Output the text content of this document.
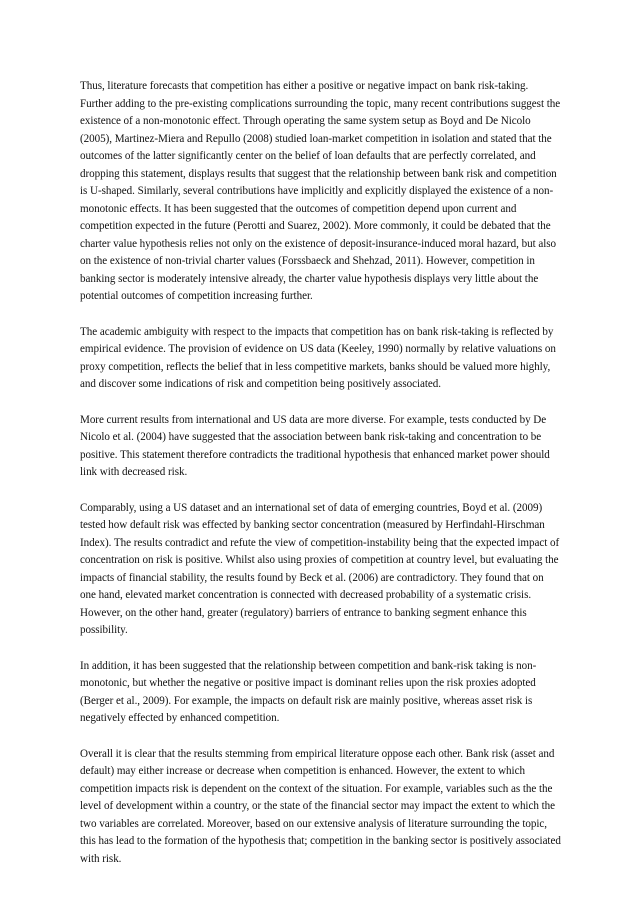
Thus, literature forecasts that competition has either a positive or negative impact on bank risk-taking. Further adding to the pre-existing complications surrounding the topic, many recent contributions suggest the existence of a non-monotonic effect. Through operating the same system setup as Boyd and De Nicolo (2005), Martinez-Miera and Repullo (2008) studied loan-market competition in isolation and stated that the outcomes of the latter significantly center on the belief of loan defaults that are perfectly correlated, and dropping this statement, displays results that suggest that the relationship between bank risk and competition is U-shaped. Similarly, several contributions have implicitly and explicitly displayed the existence of a non-monotonic effects. It has been suggested that the outcomes of competition depend upon current and competition expected in the future (Perotti and Suarez, 2002). More commonly, it could be debated that the charter value hypothesis relies not only on the existence of deposit-insurance-induced moral hazard, but also on the existence of non-trivial charter values (Forssbaeck and Shehzad, 2011). However, competition in banking sector is moderately intensive already, the charter value hypothesis displays very little about the potential outcomes of competition increasing further.

The academic ambiguity with respect to the impacts that competition has on bank risk-taking is reflected by empirical evidence. The provision of evidence on US data (Keeley, 1990) normally by relative valuations on proxy competition, reflects the belief that in less competitive markets, banks should be valued more highly, and discover some indications of risk and competition being positively associated.

More current results from international and US data are more diverse. For example, tests conducted by De Nicolo et al. (2004) have suggested that the association between bank risk-taking and concentration to be positive. This statement therefore contradicts the traditional hypothesis that enhanced market power should link with decreased risk.

Comparably, using a US dataset and an international set of data of emerging countries, Boyd et al. (2009) tested how default risk was effected by banking sector concentration (measured by Herfindahl-Hirschman Index). The results contradict and refute the view of competition-instability being that the expected impact of concentration on risk is positive. Whilst also using proxies of competition at country level, but evaluating the impacts of financial stability, the results found by Beck et al. (2006) are contradictory. They found that on one hand, elevated market concentration is connected with decreased probability of a systematic crisis. However, on the other hand, greater (regulatory) barriers of entrance to banking segment enhance this possibility.

In addition, it has been suggested that the relationship between competition and bank-risk taking is non-monotonic, but whether the negative or positive impact is dominant relies upon the risk proxies adopted (Berger et al., 2009). For example, the impacts on default risk are mainly positive, whereas asset risk is negatively effected by enhanced competition.

Overall it is clear that the results stemming from empirical literature oppose each other. Bank risk (asset and default) may either increase or decrease when competition is enhanced. However, the extent to which competition impacts risk is dependent on the context of the situation. For example, variables such as the the level of development within a country, or the state of the financial sector may impact the extent to which the two variables are correlated. Moreover, based on our extensive analysis of literature surrounding the topic, this has lead to the formation of the hypothesis that; competition in the banking sector is positively associated with risk.
